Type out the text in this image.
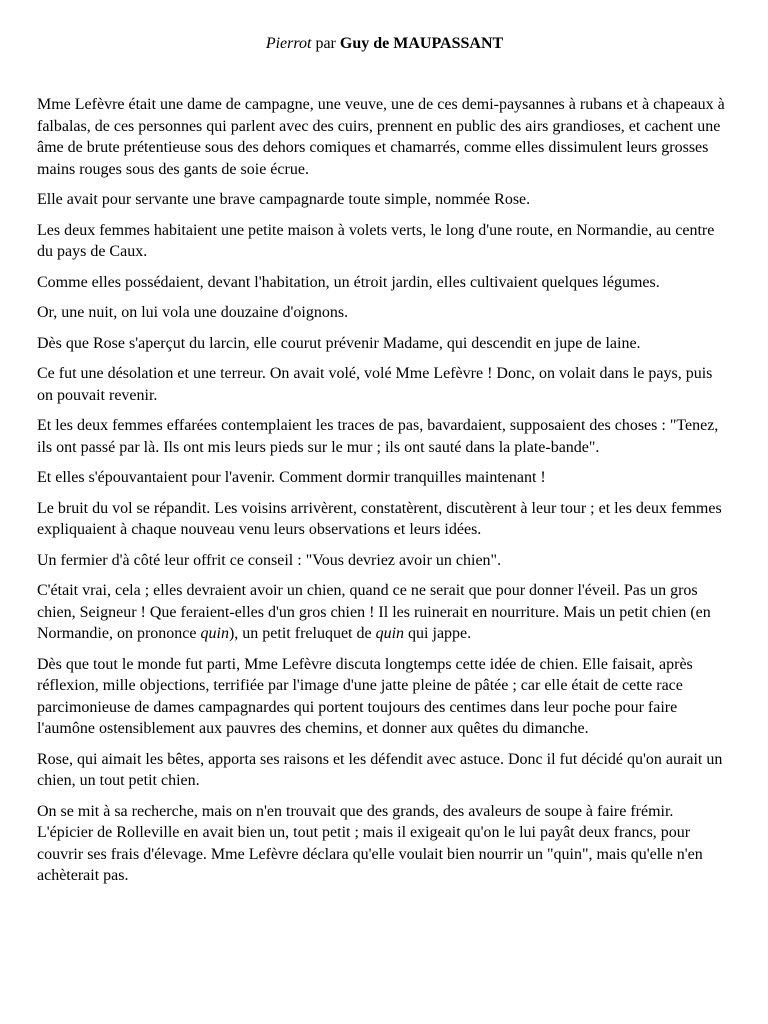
Pierrot par Guy de MAUPASSANT

Mme Lefèvre était une dame de campagne, une veuve, une de ces demi-paysannes à rubans et à chapeaux à falbalas, de ces personnes qui parlent avec des cuirs, prennent en public des airs grandioses, et cachent une âme de brute prétentieuse sous des dehors comiques et chamarrés, comme elles dissimulent leurs grosses mains rouges sous des gants de soie écrue.

Elle avait pour servante une brave campagnarde toute simple, nommée Rose.

Les deux femmes habitaient une petite maison à volets verts, le long d'une route, en Normandie, au centre du pays de Caux.

Comme elles possédaient, devant l'habitation, un étroit jardin, elles cultivaient quelques légumes.

Or, une nuit, on lui vola une douzaine d'oignons.

Dès que Rose s'aperçut du larcin, elle courut prévenir Madame, qui descendit en jupe de laine.

Ce fut une désolation et une terreur. On avait volé, volé Mme Lefèvre ! Donc, on volait dans le pays, puis on pouvait revenir.

Et les deux femmes effarées contemplaient les traces de pas, bavardaient, supposaient des choses : "Tenez, ils ont passé par là. Ils ont mis leurs pieds sur le mur ; ils ont sauté dans la plate-bande".

Et elles s'épouvantaient pour l'avenir. Comment dormir tranquilles maintenant !

Le bruit du vol se répandit. Les voisins arrivèrent, constatèrent, discutèrent à leur tour ; et les deux femmes expliquaient à chaque nouveau venu leurs observations et leurs idées.

Un fermier d'à côté leur offrit ce conseil : "Vous devriez avoir un chien".

C'était vrai, cela ; elles devraient avoir un chien, quand ce ne serait que pour donner l'éveil. Pas un gros chien, Seigneur ! Que feraient-elles d'un gros chien ! Il les ruinerait en nourriture. Mais un petit chien (en Normandie, on prononce quin), un petit freluquet de quin qui jappe.

Dès que tout le monde fut parti, Mme Lefèvre discuta longtemps cette idée de chien. Elle faisait, après réflexion, mille objections, terrifiée par l'image d'une jatte pleine de pâtée ; car elle était de cette race parcimonieuse de dames campagnardes qui portent toujours des centimes dans leur poche pour faire l'aumône ostensiblement aux pauvres des chemins, et donner aux quêtes du dimanche.

Rose, qui aimait les bêtes, apporta ses raisons et les défendit avec astuce. Donc il fut décidé qu'on aurait un chien, un tout petit chien.

On se mit à sa recherche, mais on n'en trouvait que des grands, des avaleurs de soupe à faire frémir. L'épicier de Rolleville en avait bien un, tout petit ; mais il exigeait qu'on le lui payât deux francs, pour couvrir ses frais d'élevage. Mme Lefèvre déclara qu'elle voulait bien nourrir un "quin", mais qu'elle n'en achèterait pas.
